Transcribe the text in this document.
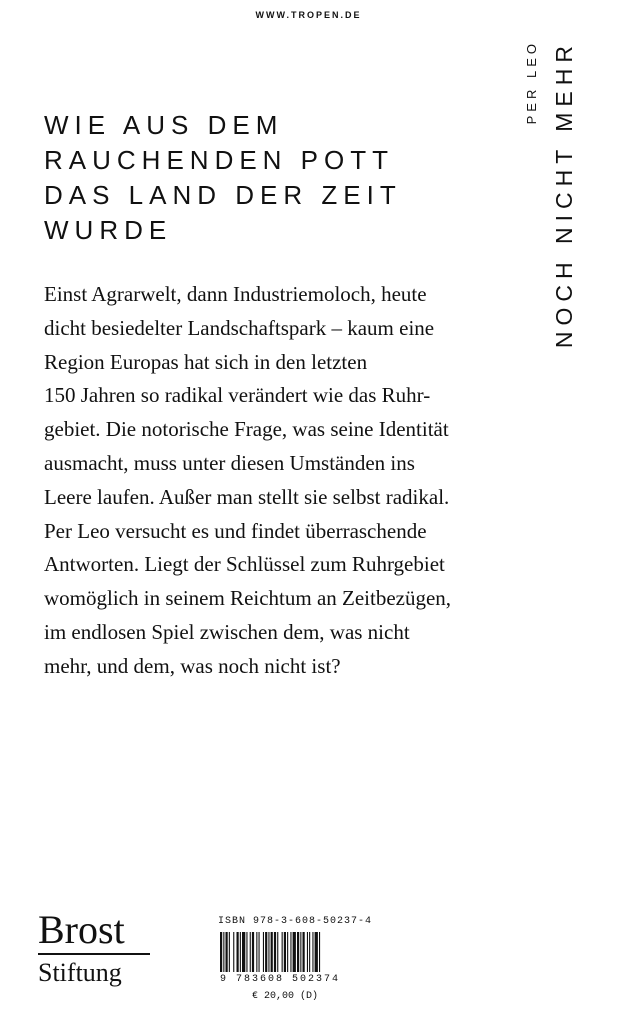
WWW.TROPEN.DE
PER LEO NOCH NICHT MEHR
WIE AUS DEM
RAUCHENDEN POTT
DAS LAND DER ZEIT
WURDE
Einst Agrarwelt, dann Industriemoloch, heute
dicht besiedelter Landschaftspark – kaum eine
Region Europas hat sich in den letzten
150 Jahren so radikal verändert wie das Ruhr-
gebiet. Die notorische Frage, was seine Identität
ausmacht, muss unter diesen Umständen ins
Leere laufen. Außer man stellt sie selbst radikal.
Per Leo versucht es und findet überraschende
Antworten. Liegt der Schlüssel zum Ruhrgebiet
womöglich in seinem Reichtum an Zeitbezügen,
im endlosen Spiel zwischen dem, was nicht
mehr, und dem, was noch nicht ist?
Brost
Stiftung
ISBN 978-3-608-50237-4
9 783608 502374
€ 20,00 (D)
